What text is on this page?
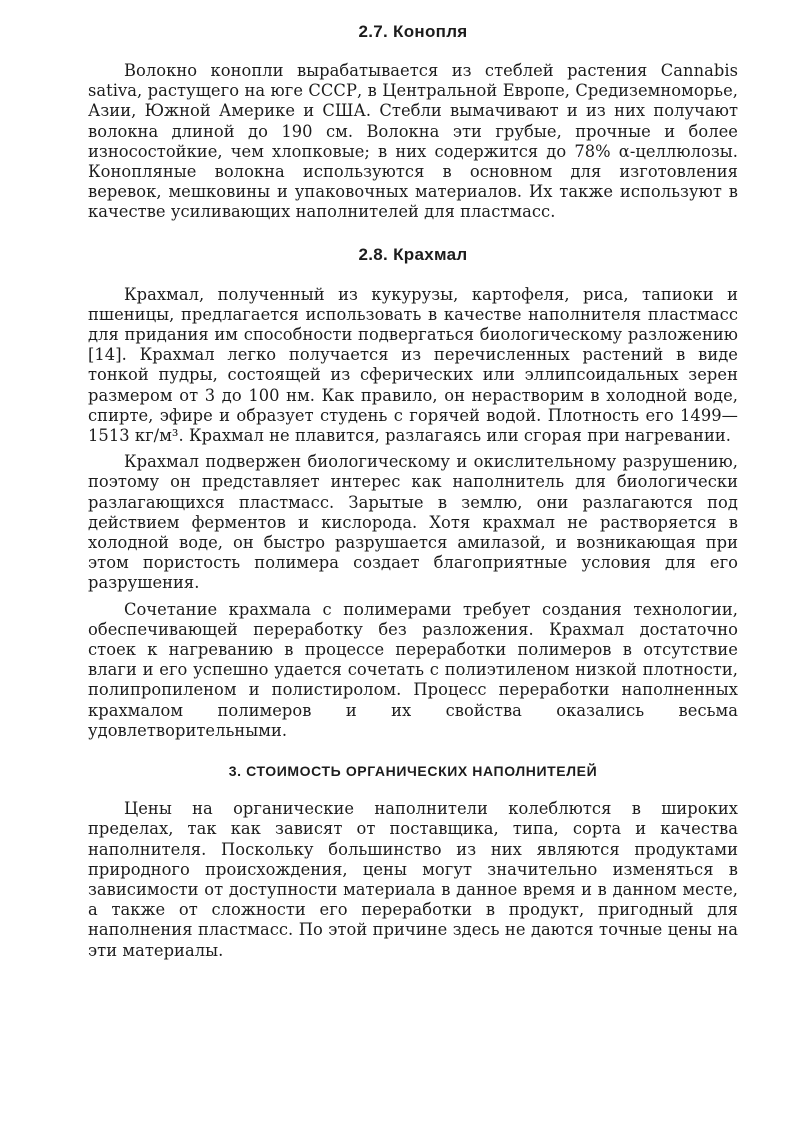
2.7. Конопля

Волокно конопли вырабатывается из стеблей растения Cannabis sativa, растущего на юге СССР, в Центральной Европе, Средиземноморье, Азии, Южной Америке и США. Стебли вымачивают и из них получают волокна длиной до 190 см. Волокна эти грубые, прочные и более износостойкие, чем хлопковые; в них содержится до 78% α-целлюлозы. Конопляные волокна используются в основном для изготовления веревок, мешковины и упаковочных материалов. Их также используют в качестве усиливающих наполнителей для пластмасс.

2.8. Крахмал

Крахмал, полученный из кукурузы, картофеля, риса, тапиоки и пшеницы, предлагается использовать в качестве наполнителя пластмасс для придания им способности подвергаться биологическому разложению [14]. Крахмал легко получается из перечисленных растений в виде тонкой пудры, состоящей из сферических или эллипсоидальных зерен размером от 3 до 100 нм. Как правило, он нерастворим в холодной воде, спирте, эфире и образует студень с горячей водой. Плотность его 1499—1513 кг/м³. Крахмал не плавится, разлагаясь или сгорая при нагревании.

Крахмал подвержен биологическому и окислительному разрушению, поэтому он представляет интерес как наполнитель для биологически разлагающихся пластмасс. Зарытые в землю, они разлагаются под действием ферментов и кислорода. Хотя крахмал не растворяется в холодной воде, он быстро разрушается амилазой, и возникающая при этом пористость полимера создает благоприятные условия для его разрушения.

Сочетание крахмала с полимерами требует создания технологии, обеспечивающей переработку без разложения. Крахмал достаточно стоек к нагреванию в процессе переработки полимеров в отсутствие влаги и его успешно удается сочетать с полиэтиленом низкой плотности, полипропиленом и полистиролом. Процесс переработки наполненных крахмалом полимеров и их свойства оказались весьма удовлетворительными.

3. СТОИМОСТЬ ОРГАНИЧЕСКИХ НАПОЛНИТЕЛЕЙ

Цены на органические наполнители колеблются в широких пределах, так как зависят от поставщика, типа, сорта и качества наполнителя. Поскольку большинство из них являются продуктами природного происхождения, цены могут значительно изменяться в зависимости от доступности материала в данное время и в данном месте, а также от сложности его переработки в продукт, пригодный для наполнения пластмасс. По этой причине здесь не даются точные цены на эти материалы.
